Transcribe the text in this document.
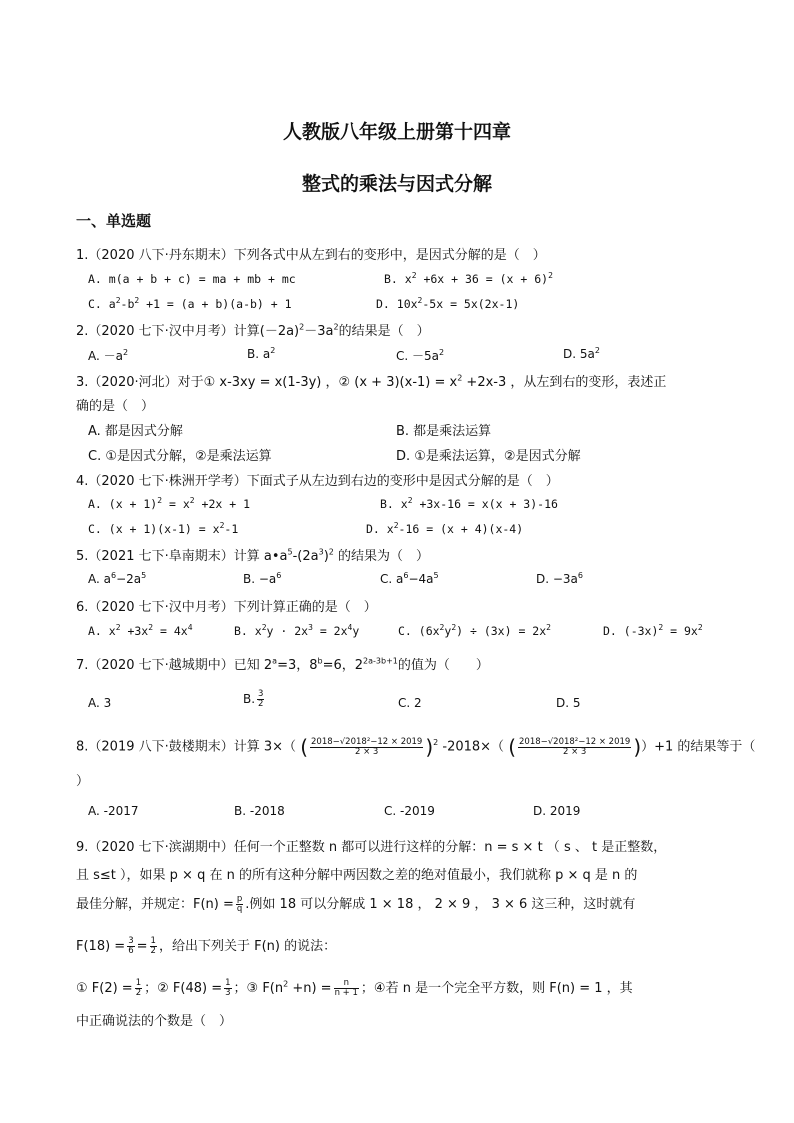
人教版八年级上册第十四章
整式的乘法与因式分解
一、单选题
1.（2020 八下·丹东期末）下列各式中从左到右的变形中，是因式分解的是（　）
A. m(a + b + c) = ma + mb + mc	B. $x^2 +6x + 36 = (x + 6)^2$
C. $a^2-b^2 +1 = (a + b)(a-b) + 1$	D. $10x^2-5x = 5x(2x-1)$
2.（2020 七下·汉中月考）计算$(-2a)^2-3a^2$的结果是（　）
A. $-a^2$	B. $a^2$	C. $-5a^2$	D. $5a^2$
3.（2020·河北）对于① x-3xy = x(1-3y) ，② $(x + 3)(x-1) = x^2 +2x-3$ ，从左到右的变形，表述正
确的是（　）
A. 都是因式分解	B. 都是乘法运算
C. ①是因式分解，②是乘法运算	D. ①是乘法运算，②是因式分解
4.（2020 七下·株洲开学考）下面式子从左边到右边的变形中是因式分解的是（　）
A. $(x + 1)^2 = x^2 +2x + 1$	B. $x^2 +3x-16 = x(x + 3)-16$
C. $(x + 1)(x-1) = x^2-1$	D. $x^2-16 = (x + 4)(x-4)$
5.（2021 七下·阜南期末）计算 $a•a^5-(2a^3)^2$ 的结果为（　）
A. $a^6-2a^5$	B. $-a^6$	C. $a^6-4a^5$	D. $-3a^6$
6.（2020 七下·汉中月考）下列计算正确的是（　）
A. $x^2 +3x^2 = 4x^4$	B. $x^2y \cdot 2x^3 = 2x^4y$	C. $(6x^2y^2) \div (3x) = 2x^2$	D. $(-3x)^2 = 9x^2$
7.（2020 七下·越城期中）已知 $2^a=3$，$8^b=6$，$2^{2a-3b+1}$的值为（　　）
A. 3	B. $\frac{3}{2}$	C. 2	D. 5
8.（2019 八下·鼓楼期末）计算 3×（ ( $\frac{\text{2018−√2018²−12 × 2019}}{2 \times 3} )^2$ -2018×（ ( $\frac{\text{2018−√2018²−12 × 2019}}{2 \times 3} ))+1$ 的结果等于（
）
A. -2017	B. -2018	C. -2019	D. 2019
9.（2020 七下·滨湖期中）任何一个正整数 n 都可以进行这样的分解：n = s × t （ s 、 t 是正整数，
且 s≤t ），如果 p × q 在 n 的所有这种分解中两因数之差的绝对值最小，我们就称 p × q 是 n 的
最佳分解，并规定：$F(n) = \frac{p}{q}$ .例如 18 可以分解成 1 × 18 ， 2 × 9 ， 3 × 6 这三种，这时就有
$F(18) = \frac{3}{6} = \frac{1}{2}$ ，给出下列关于 F(n) 的说法：
① $F(2) = \frac{1}{2}$ ；② $F(48) = \frac{1}{3}$ ；③ $F(n^2 +n) = \frac{n}{n + 1}$ ；④若 n 是一个完全平方数，则 F(n) = 1 ，其
中正确说法的个数是（　）
